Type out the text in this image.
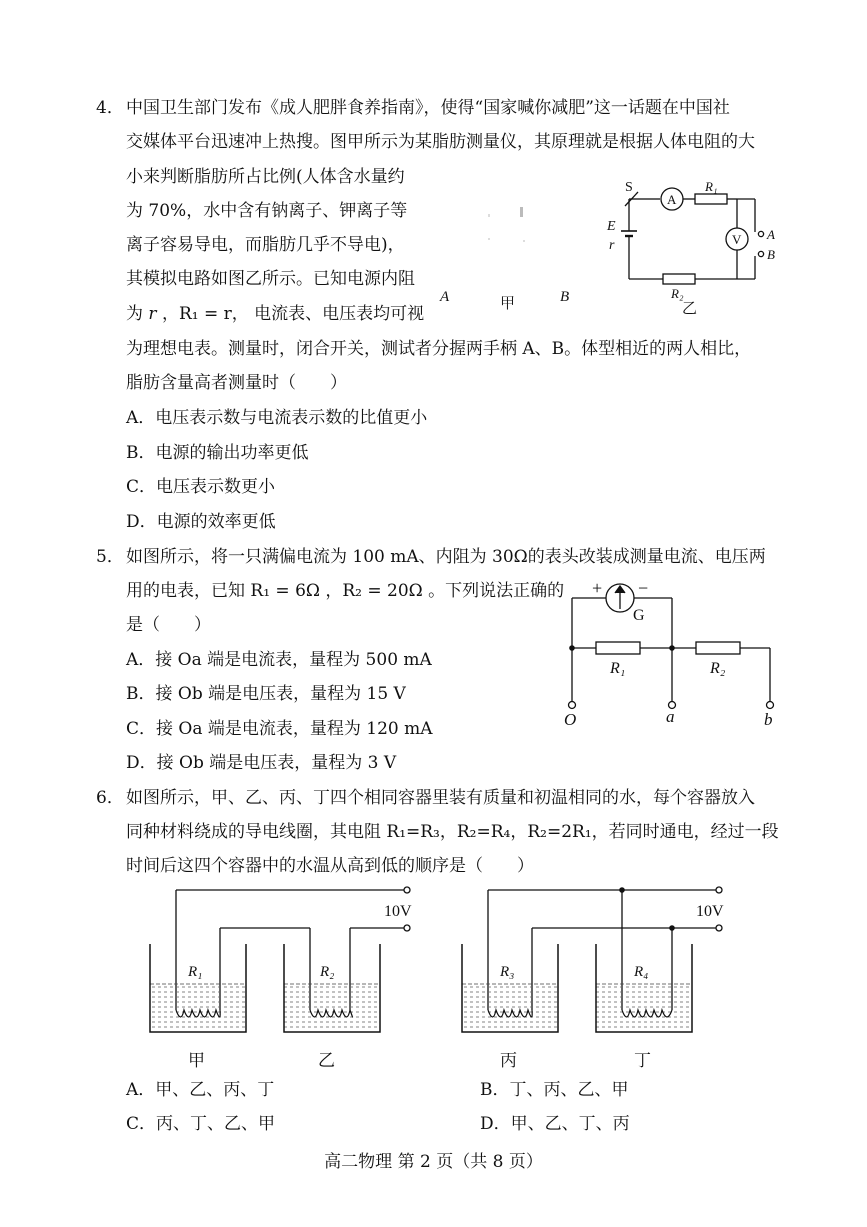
4． 中国卫生部门发布《成人肥胖食养指南》，使得“国家喊你减肥”这一话题在中国社
交媒体平台迅速冲上热搜。图甲所示为某脂肪测量仪，其原理就是根据人体电阻的大
小来判断脂肪所占比例(人体含水量约
为 70%，水中含有钠离子、钾离子等
离子容易导电，而脂肪几乎不导电)，
其模拟电路如图乙所示。已知电源内阻
为 r ，R₁ = r， 电流表、电压表均可视
为理想电表。测量时，闭合开关，测试者分握两手柄 A、B。体型相近的两人相比，
脂肪含量高者测量时（　　）
A．电压表示数与电流表示数的比值更小
B．电源的输出功率更低
C．电压表示数更小
D．电源的效率更低
A	甲	B
S
A
R₁
V
E
r
R₂
A
B
乙
5． 如图所示，将一只满偏电流为 100 mA、内阻为 30Ω的表头改装成测量电流、电压两
用的电表，已知 R₁ = 6Ω ，R₂ = 20Ω 。下列说法正确的
是（　　）
A．接 Oa 端是电流表，量程为 500 mA
B．接 Ob 端是电压表，量程为 15 V
C．接 Oa 端是电流表，量程为 120 mA
D．接 Ob 端是电压表，量程为 3 V
+ −
G
R₁	R₂
O	a	b
6． 如图所示，甲、乙、丙、丁四个相同容器里装有质量和初温相同的水，每个容器放入
同种材料绕成的导电线圈，其电阻 R₁=R₃，R₂=R₄，R₂=2R₁，若同时通电，经过一段
时间后这四个容器中的水温从高到低的顺序是（　　）
10V
R₁
甲
R₂
乙
10V
R₃
丙
R₄
丁
A．甲、乙、丙、丁	B．丁、丙、乙、甲
C．丙、丁、乙、甲	D．甲、乙、丁、丙
高二物理 第 2 页（共 8 页）
